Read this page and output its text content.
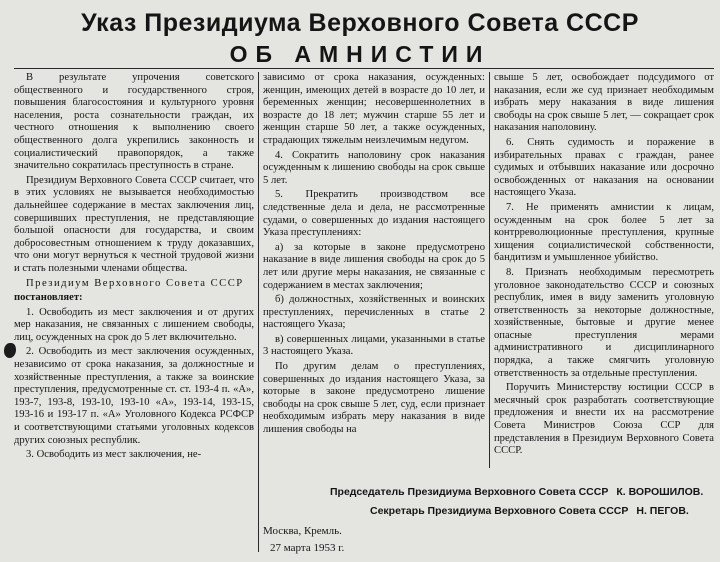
Указ Президиума Верховного Совета СССР
ОБ АМНИСТИИ

В результате упрочения советского общественного и государственного строя, повышения благосостояния и культурного уровня населения, роста сознательности граждан, их честного отношения к выполнению своего общественного долга укрепились законность и социалистический правопорядок, а также значительно сократилась преступность в стране.

Президиум Верховного Совета СССР считает, что в этих условиях не вызывается необходимостью дальнейшее содержание в местах заключения лиц, совершивших преступления, не представляющие большой опасности для государства, и своим добросовестным отношением к труду доказавших, что они могут вернуться к честной трудовой жизни и стать полезными членами общества.

Президиум Верховного Совета СССР

постановляет:

1. Освободить из мест заключения и от других мер наказания, не связанных с лишением свободы, лиц, осужденных на срок до 5 лет включительно.

2. Освободить из мест заключения осужденных, независимо от срока наказания, за должностные и хозяйственные преступления, а также за воинские преступления, предусмотренные ст. ст. 193-4 п. «А», 193-7, 193-8, 193-10, 193-10 «А», 193-14, 193-15, 193-16 и 193-17 п. «А» Уголовного Кодекса РСФСР и соответствующими статьями уголовных кодексов других союзных республик.

3. Освободить из мест заключения, не-

зависимо от срока наказания, осужденных: женщин, имеющих детей в возрасте до 10 лет, и беременных женщин; несовершеннолетних в возрасте до 18 лет; мужчин старше 55 лет и женщин старше 50 лет, а также осужденных, страдающих тяжелым неизлечимым недугом.

4. Сократить наполовину срок наказания осужденным к лишению свободы на срок свыше 5 лет.

5. Прекратить производством все следственные дела и дела, не рассмотренные судами, о совершенных до издания настоящего Указа преступлениях:

а) за которые в законе предусмотрено наказание в виде лишения свободы на срок до 5 лет или другие меры наказания, не связанные с содержанием в местах заключения;

б) должностных, хозяйственных и воинских преступлениях, перечисленных в статье 2 настоящего Указа;

в) совершенных лицами, указанными в статье 3 настоящего Указа.

По другим делам о преступлениях, совершенных до издания настоящего Указа, за которые в законе предусмотрено лишение свободы на срок свыше 5 лет, суд, если признает необходимым избрать меру наказания в виде лишения свободы на

свыше 5 лет, освобождает подсудимого от наказания, если же суд признает необходимым избрать меру наказания в виде лишения свободы на срок свыше 5 лет, — сокращает срок наказания наполовину.

6. Снять судимость и поражение в избирательных правах с граждан, ранее судимых и отбывших наказание или досрочно освобожденных от наказания на основании настоящего Указа.

7. Не применять амнистии к лицам, осужденным на срок более 5 лет за контрреволюционные преступления, крупные хищения социалистической собственности, бандитизм и умышленное убийство.

8. Признать необходимым пересмотреть уголовное законодательство СССР и союзных республик, имея в виду заменить уголовную ответственность за некоторые должностные, хозяйственные, бытовые и другие менее опасные преступления мерами административного и дисциплинарного порядка, а также смягчить уголовную ответственность за отдельные преступления.

Поручить Министерству юстиции СССР в месячный срок разработать соответствующие предложения и внести их на рассмотрение Совета Министров Союза ССР для представления в Президиум Верховного Совета СССР.

Председатель Президиума Верховного Совета СССР К. ВОРОШИЛОВ.
Секретарь Президиума Верховного Совета СССР Н. ПЕГОВ.
Москва, Кремль.
27 марта 1953 г.
